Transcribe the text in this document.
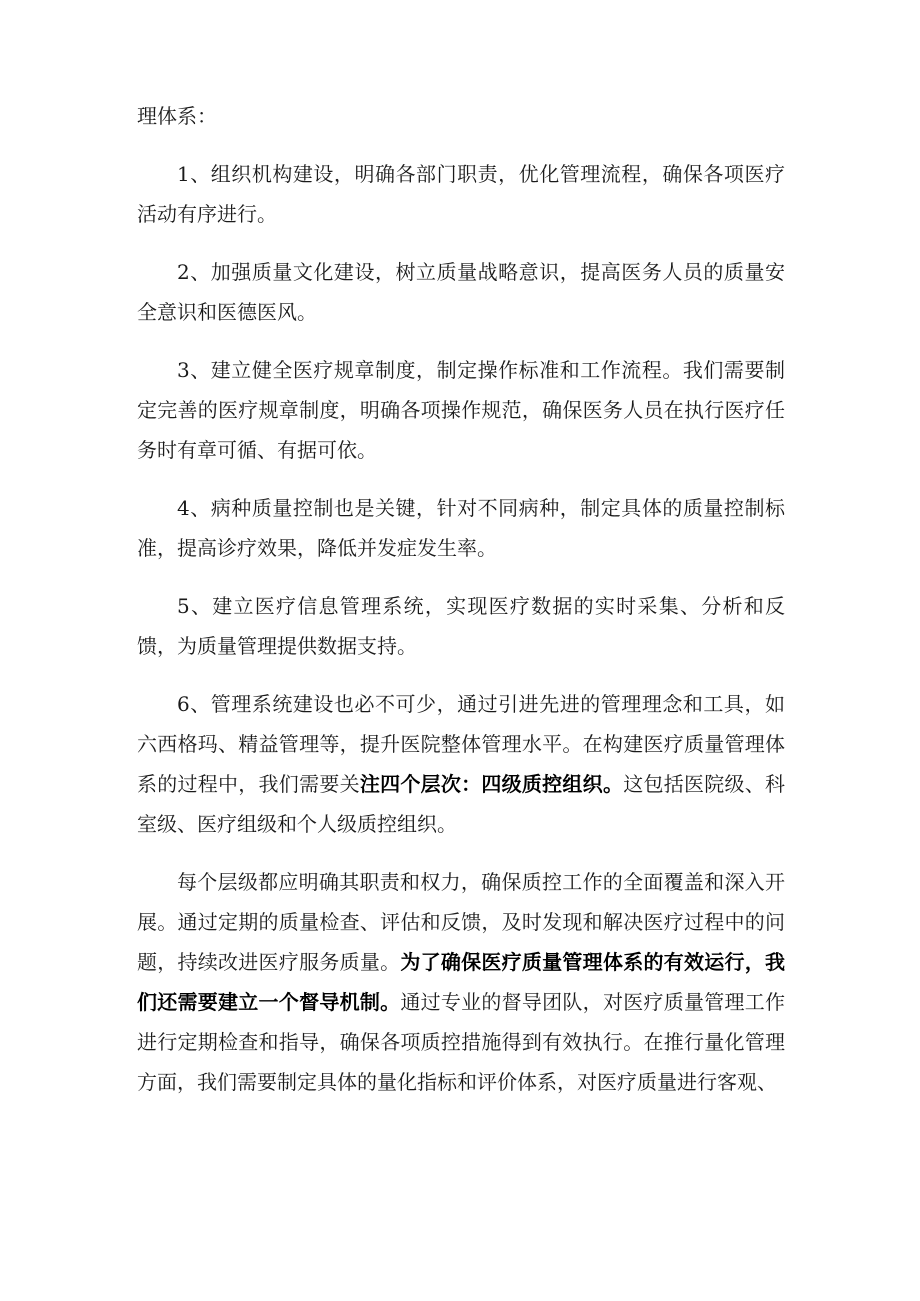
理体系：

1、组织机构建设，明确各部门职责，优化管理流程，确保各项医疗活动有序进行。

2、加强质量文化建设，树立质量战略意识，提高医务人员的质量安全意识和医德医风。

3、建立健全医疗规章制度，制定操作标准和工作流程。我们需要制定完善的医疗规章制度，明确各项操作规范，确保医务人员在执行医疗任务时有章可循、有据可依。

4、病种质量控制也是关键，针对不同病种，制定具体的质量控制标准，提高诊疗效果，降低并发症发生率。

5、建立医疗信息管理系统，实现医疗数据的实时采集、分析和反馈，为质量管理提供数据支持。

6、管理系统建设也必不可少，通过引进先进的管理理念和工具，如六西格玛、精益管理等，提升医院整体管理水平。在构建医疗质量管理体系的过程中，我们需要关注四个层次：四级质控组织。这包括医院级、科室级、医疗组级和个人级质控组织。

每个层级都应明确其职责和权力，确保质控工作的全面覆盖和深入开展。通过定期的质量检查、评估和反馈，及时发现和解决医疗过程中的问题，持续改进医疗服务质量。为了确保医疗质量管理体系的有效运行，我们还需要建立一个督导机制。通过专业的督导团队，对医疗质量管理工作进行定期检查和指导，确保各项质控措施得到有效执行。在推行量化管理方面，我们需要制定具体的量化指标和评价体系，对医疗质量进行客观、
